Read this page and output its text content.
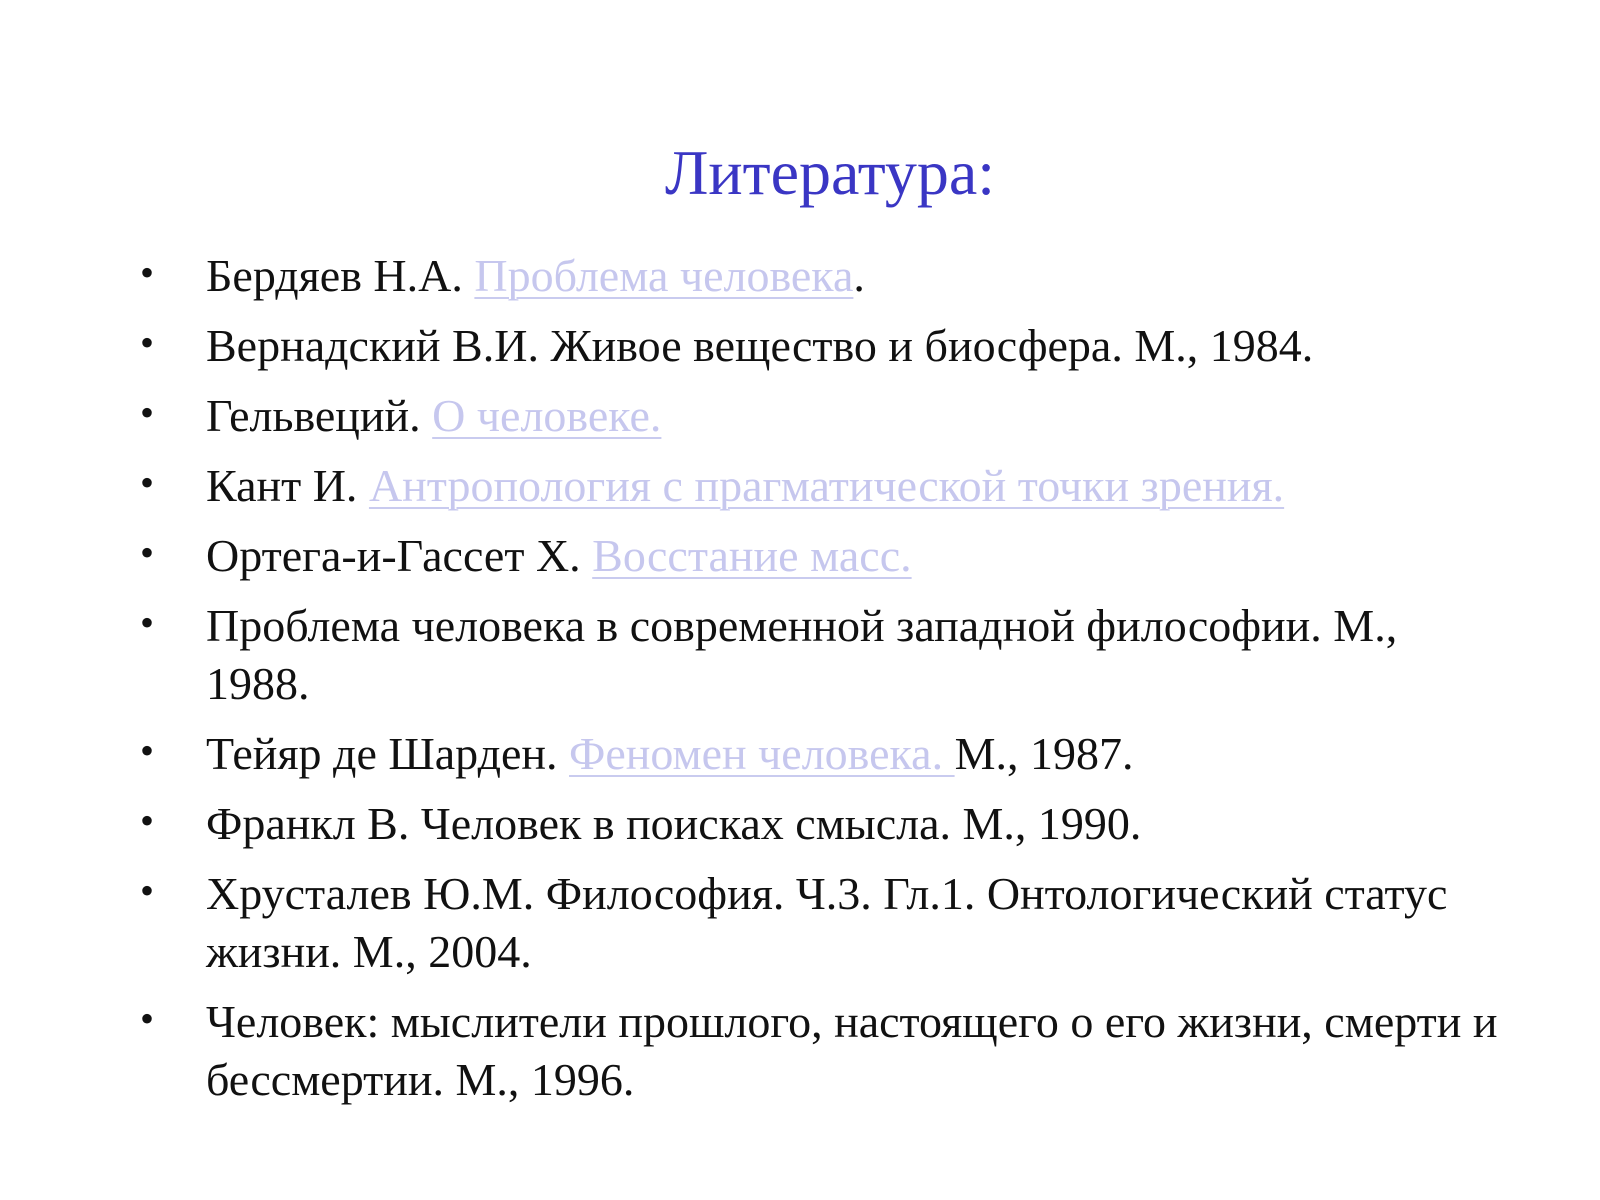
Литература:
• Бердяев Н.А. Проблема человека.
• Вернадский В.И. Живое вещество и биосфера. М., 1984.
• Гельвеций. О человеке.
• Кант И. Антропология с прагматической точки зрения.
• Ортега-и-Гассет Х. Восстание масс.
• Проблема человека в современной западной философии. М., 1988.
• Тейяр де Шарден. Феномен человека. М., 1987.
• Франкл В. Человек в поисках смысла. М., 1990.
• Хрусталев Ю.М. Философия. Ч.3. Гл.1. Онтологический статус жизни. М., 2004.
• Человек: мыслители прошлого, настоящего о его жизни, смерти и бессмертии. М., 1996.
